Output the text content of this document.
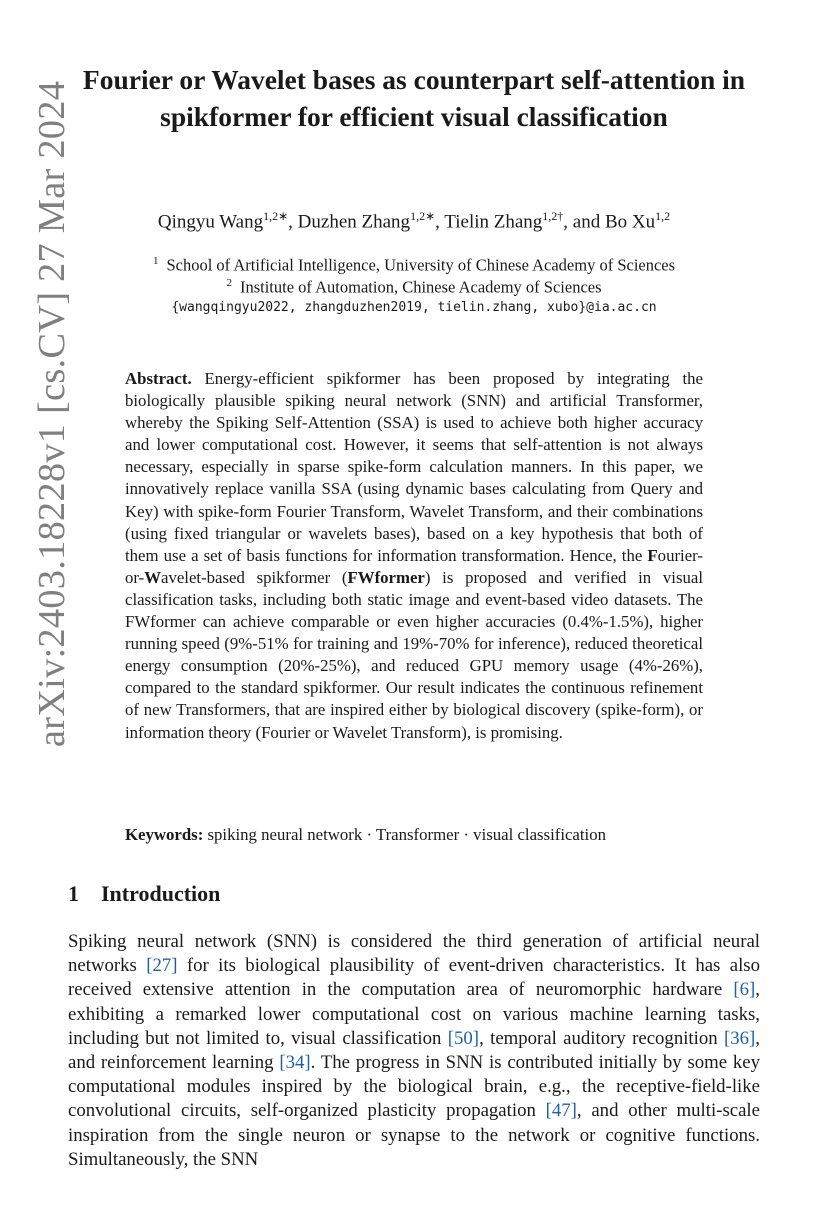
arXiv:2403.18228v1 [cs.CV] 27 Mar 2024
Fourier or Wavelet bases as counterpart self-attention in spikformer for efficient visual classification
Qingyu Wang$^{1,2∗}$, Duzhen Zhang$^{1,2∗}$, Tielin Zhang$^{1,2\dagger}$, and Bo Xu$^{1,2}$
$^1$ School of Artificial Intelligence, University of Chinese Academy of Sciences
$^2$ Institute of Automation, Chinese Academy of Sciences
{wangqingyu2022, zhangduzhen2019, tielin.zhang, xubo}@ia.ac.cn

Abstract. Energy-efficient spikformer has been proposed by integrating the biologically plausible spiking neural network (SNN) and artificial Transformer, whereby the Spiking Self-Attention (SSA) is used to achieve both higher accuracy and lower computational cost. However, it seems that self-attention is not always necessary, especially in sparse spike-form calculation manners. In this paper, we innovatively replace vanilla SSA (using dynamic bases calculating from Query and Key) with spike-form Fourier Transform, Wavelet Transform, and their combinations (using fixed triangular or wavelets bases), based on a key hypothesis that both of them use a set of basis functions for information transformation. Hence, the Fourier-or-Wavelet-based spikformer (FWformer) is proposed and verified in visual classification tasks, including both static image and event-based video datasets. The FWformer can achieve comparable or even higher accuracies (0.4%-1.5%), higher running speed (9%-51% for training and 19%-70% for inference), reduced theoretical energy consumption (20%-25%), and reduced GPU memory usage (4%-26%), compared to the standard spikformer. Our result indicates the continuous refinement of new Transformers, that are inspired either by biological discovery (spike-form), or information theory (Fourier or Wavelet Transform), is promising.

Keywords: spiking neural network · Transformer · visual classification
1 Introduction

Spiking neural network (SNN) is considered the third generation of artificial neural networks [27] for its biological plausibility of event-driven characteristics. It has also received extensive attention in the computation area of neuromorphic hardware [6], exhibiting a remarked lower computational cost on various machine learning tasks, including but not limited to, visual classification [50], temporal auditory recognition [36], and reinforcement learning [34]. The progress in SNN is contributed initially by some key computational modules inspired by the biological brain, e.g., the receptive-field-like convolutional circuits, self-organized plasticity propagation [47], and other multi-scale inspiration from the single neuron or synapse to the network or cognitive functions. Simultaneously, the SNN
